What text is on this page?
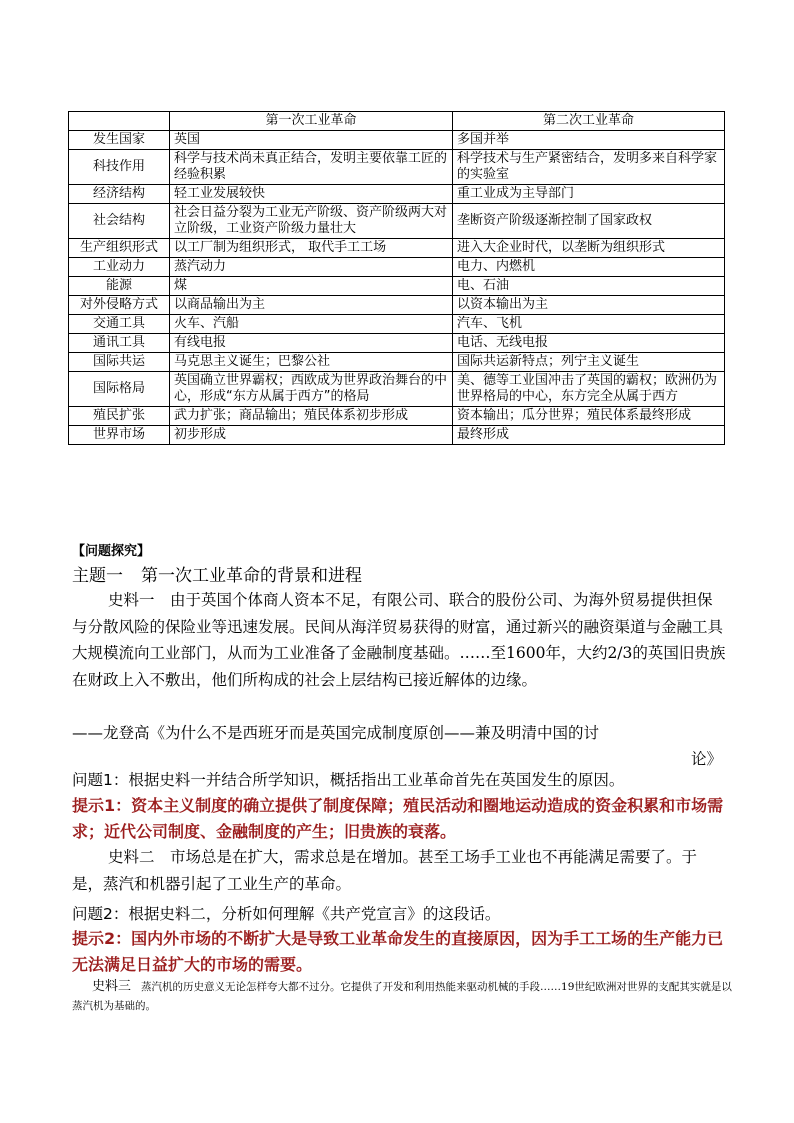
	第一次工业革命	第二次工业革命
发生国家	英国	多国并举
科技作用	科学与技术尚未真正结合，发明主要依靠工匠的经验积累	科学技术与生产紧密结合，发明多来自科学家的实验室
经济结构	轻工业发展较快	重工业成为主导部门
社会结构	社会日益分裂为工业无产阶级、资产阶级两大对立阶级，工业资产阶级力量壮大	垄断资产阶级逐渐控制了国家政权
生产组织形式	以工厂制为组织形式， 取代手工工场	进入大企业时代，以垄断为组织形式
工业动力	蒸汽动力	电力、内燃机
能源	煤	电、石油
对外侵略方式	以商品输出为主	以资本输出为主
交通工具	火车、汽船	汽车、飞机
通讯工具	有线电报	电话、无线电报
国际共运	马克思主义诞生；巴黎公社	国际共运新特点；列宁主义诞生
国际格局	英国确立世界霸权；西欧成为世界政治舞台的中心，形成“东方从属于西方”的格局	美、德等工业国冲击了英国的霸权；欧洲仍为世界格局的中心，东方完全从属于西方
殖民扩张	武力扩张；商品输出；殖民体系初步形成	资本输出；瓜分世界；殖民体系最终形成
世界市场	初步形成	最终形成
【问题探究】
主题一 第一次工业革命的背景和进程
史料一　 由于英国个体商人资本不足，有限公司、联合的股份公司、为海外贸易提供担保与分散风险的保险业等迅速发展。民间从海洋贸易获得的财富，通过新兴的融资渠道与金融工具大规模流向工业部门，从而为工业准备了金融制度基础。……至1600年，大约2/3的英国旧贵族在财政上入不敷出，他们所构成的社会上层结构已接近解体的边缘。
——龙登高《为什么不是西班牙而是英国完成制度原创——兼及明清中国的讨
论》
问题1：根据史料一并结合所学知识，概括指出工业革命首先在英国发生的原因。
提示1：资本主义制度的确立提供了制度保障；殖民活动和圈地运动造成的资金积累和市场需求；近代公司制度、金融制度的产生；旧贵族的衰落。
史料二　 市场总是在扩大，需求总是在增加。甚至工场手工业也不再能满足需要了。于是，蒸汽和机器引起了工业生产的革命。
问题2：根据史料二，分析如何理解《共产党宣言》的这段话。
提示2：国内外市场的不断扩大是导致工业革命发生的直接原因，因为手工工场的生产能力已无法满足日益扩大的市场的需要。
史料三 蒸汽机的历史意义无论怎样夸大都不过分。它提供了开发和利用热能来驱动机械的手段……19世纪欧洲对世界的支配其实就是以蒸汽机为基础的。
